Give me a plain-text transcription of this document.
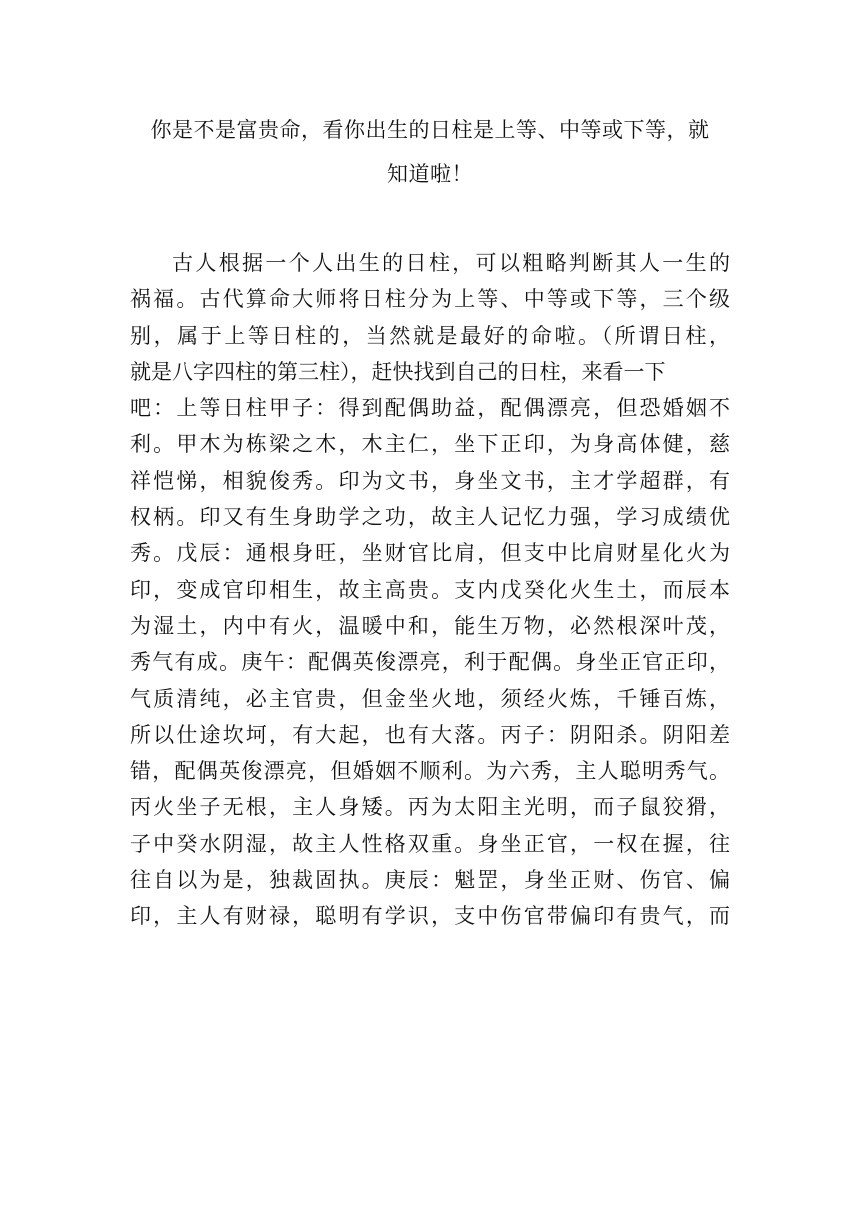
你是不是富贵命，看你出生的日柱是上等、中等或下等，就
知道啦！
古人根据一个人出生的日柱，可以粗略判断其人一生的
祸福。古代算命大师将日柱分为上等、中等或下等，三个级
别，属于上等日柱的，当然就是最好的命啦。（所谓日柱，
就是八字四柱的第三柱），赶快找到自己的日柱，来看一下
吧：上等日柱甲子：得到配偶助益，配偶漂亮，但恐婚姻不
利。甲木为栋梁之木，木主仁，坐下正印，为身高体健，慈
祥恺悌，相貌俊秀。印为文书，身坐文书，主才学超群，有
权柄。印又有生身助学之功，故主人记忆力强，学习成绩优
秀。戊辰：通根身旺，坐财官比肩，但支中比肩财星化火为
印，变成官印相生，故主高贵。支内戊癸化火生土，而辰本
为湿土，内中有火，温暖中和，能生万物，必然根深叶茂，
秀气有成。庚午：配偶英俊漂亮，利于配偶。身坐正官正印，
气质清纯，必主官贵，但金坐火地，须经火炼，千锤百炼，
所以仕途坎坷，有大起，也有大落。丙子：阴阳杀。阴阳差
错，配偶英俊漂亮，但婚姻不顺利。为六秀，主人聪明秀气。
丙火坐子无根，主人身矮。丙为太阳主光明，而子鼠狡猾，
子中癸水阴湿，故主人性格双重。身坐正官，一权在握，往
往自以为是，独裁固执。庚辰：魁罡，身坐正财、伤官、偏
印，主人有财禄，聪明有学识，支中伤官带偏印有贵气，而
